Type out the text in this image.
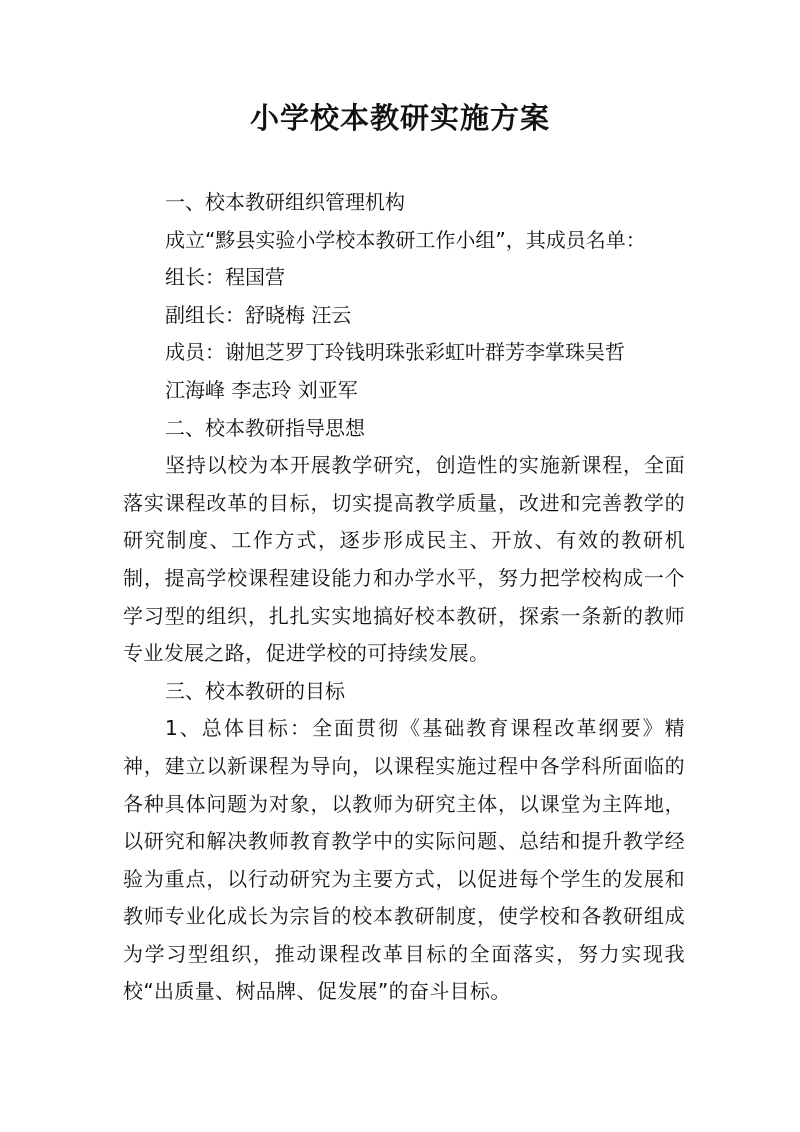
小学校本教研实施方案

一、校本教研组织管理机构

成立“黟县实验小学校本教研工作小组”，其成员名单：

组长：程国营

副组长：舒晓梅 汪云

成员：谢旭芝罗丁玲钱明珠张彩虹叶群芳李掌珠吴哲

江海峰 李志玲 刘亚军

二、校本教研指导思想

坚持以校为本开展教学研究，创造性的实施新课程，全面落实课程改革的目标，切实提高教学质量，改进和完善教学的研究制度、工作方式，逐步形成民主、开放、有效的教研机制，提高学校课程建设能力和办学水平，努力把学校构成一个学习型的组织，扎扎实实地搞好校本教研，探索一条新的教师专业发展之路，促进学校的可持续发展。

三、校本教研的目标

1、总体目标：全面贯彻《基础教育课程改革纲要》精神，建立以新课程为导向，以课程实施过程中各学科所面临的各种具体问题为对象，以教师为研究主体，以课堂为主阵地，以研究和解决教师教育教学中的实际问题、总结和提升教学经验为重点，以行动研究为主要方式，以促进每个学生的发展和教师专业化成长为宗旨的校本教研制度，使学校和各教研组成为学习型组织，推动课程改革目标的全面落实，努力实现我校“出质量、树品牌、促发展”的奋斗目标。
